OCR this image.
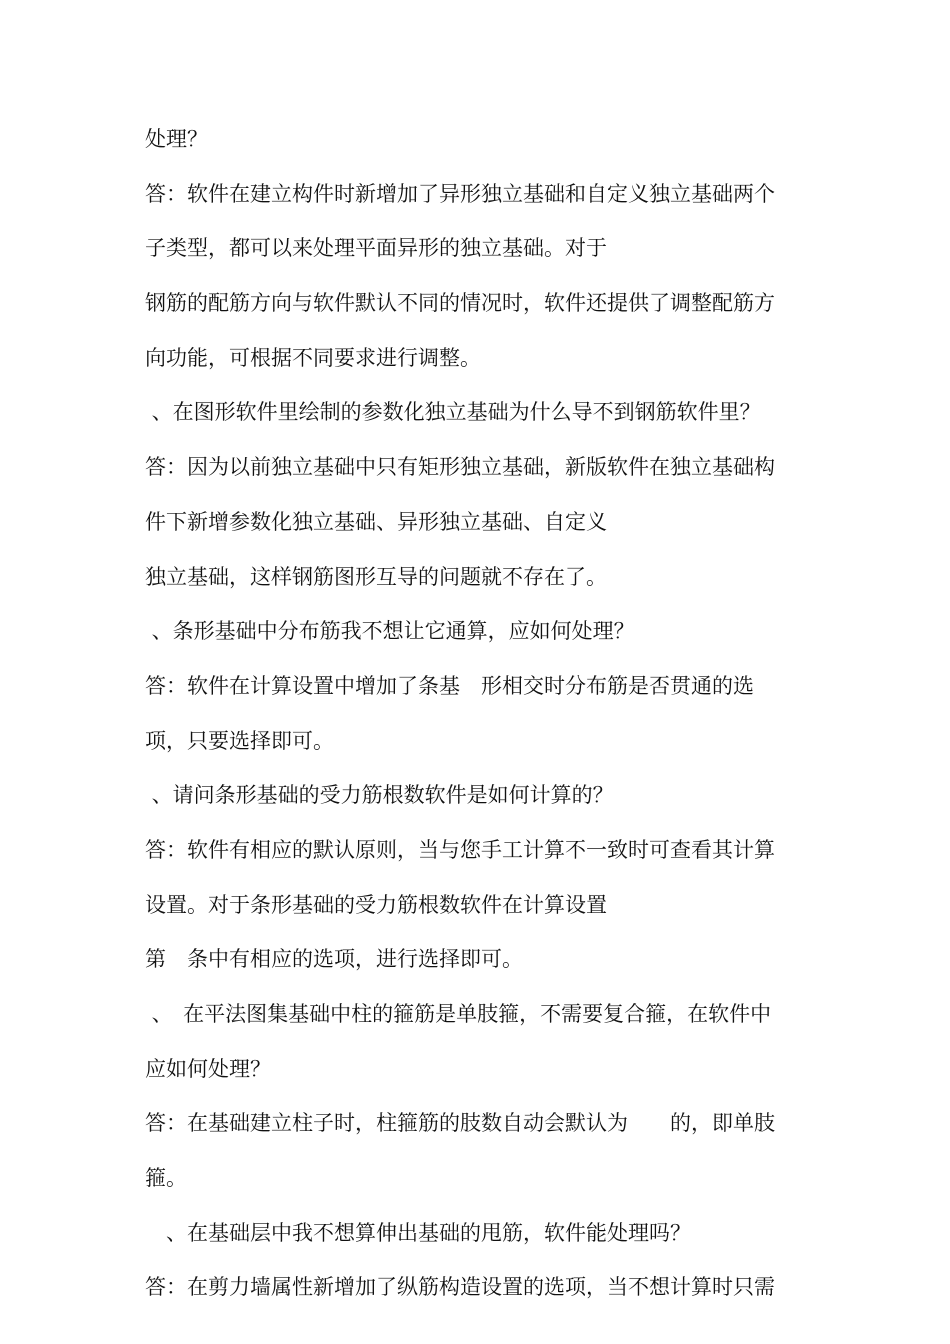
处理？
答：软件在建立构件时新增加了异形独立基础和自定义独立基础两个
子类型，都可以来处理平面异形的独立基础。对于
钢筋的配筋方向与软件默认不同的情况时，软件还提供了调整配筋方
向功能，可根据不同要求进行调整。
、在图形软件里绘制的参数化独立基础为什么导不到钢筋软件里？
答：因为以前独立基础中只有矩形独立基础，新版软件在独立基础构
件下新增参数化独立基础、异形独立基础、自定义
独立基础，这样钢筋图形互导的问题就不存在了。
、条形基础中分布筋我不想让它通算，应如何处理？
答：软件在计算设置中增加了条基　形相交时分布筋是否贯通的选
项，只要选择即可。
、请问条形基础的受力筋根数软件是如何计算的？
答：软件有相应的默认原则，当与您手工计算不一致时可查看其计算
设置。对于条形基础的受力筋根数软件在计算设置
第　条中有相应的选项，进行选择即可。
、　在平法图集基础中柱的箍筋是单肢箍，不需要复合箍，在软件中
应如何处理？
答：在基础建立柱子时，柱箍筋的肢数自动会默认为　　的，即单肢
箍。
　、在基础层中我不想算伸出基础的甩筋，软件能处理吗？
答：在剪力墙属性新增加了纵筋构造设置的选项，当不想计算时只需
